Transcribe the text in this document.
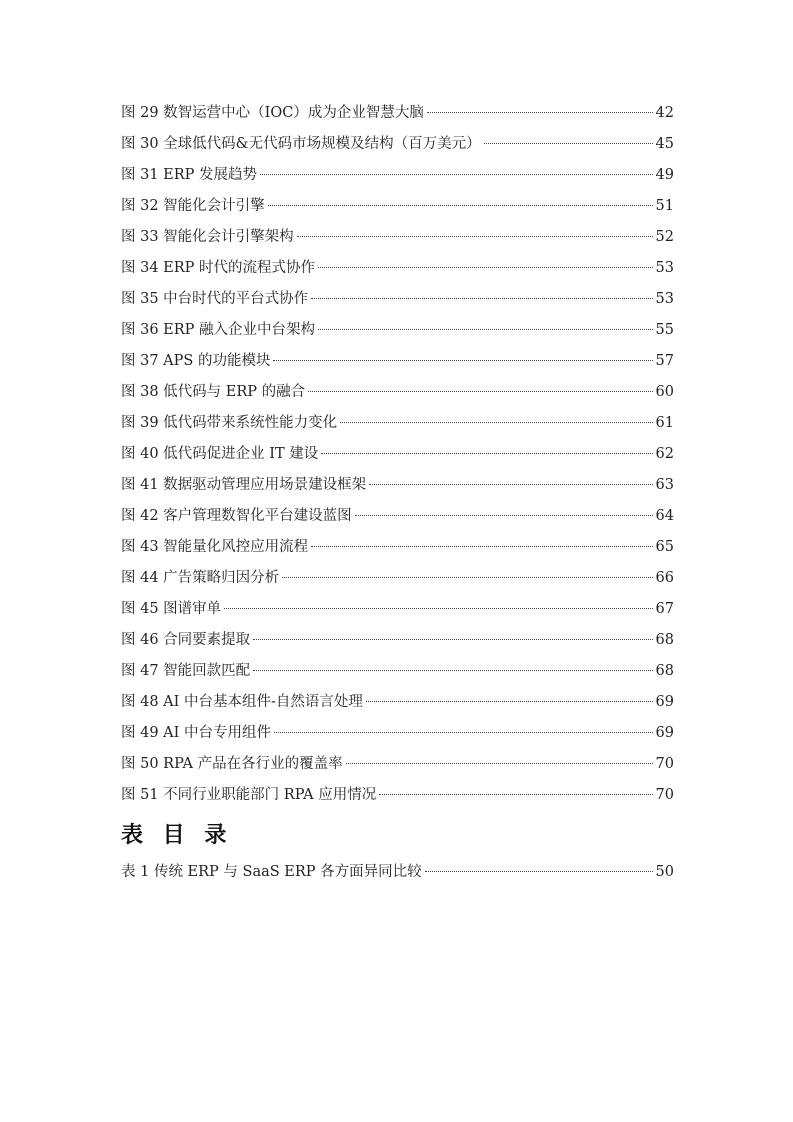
图 29 数智运营中心（IOC）成为企业智慧大脑	42
图 30 全球低代码&无代码市场规模及结构（百万美元）	45
图 31 ERP 发展趋势	49
图 32 智能化会计引擎	51
图 33 智能化会计引擎架构	52
图 34 ERP 时代的流程式协作	53
图 35 中台时代的平台式协作	53
图 36 ERP 融入企业中台架构	55
图 37 APS 的功能模块	57
图 38 低代码与 ERP 的融合	60
图 39 低代码带来系统性能力变化	61
图 40 低代码促进企业 IT 建设	62
图 41 数据驱动管理应用场景建设框架	63
图 42 客户管理数智化平台建设蓝图	64
图 43 智能量化风控应用流程	65
图 44 广告策略归因分析	66
图 45 图谱审单	67
图 46 合同要素提取	68
图 47 智能回款匹配	68
图 48 AI 中台基本组件-自然语言处理	69
图 49 AI 中台专用组件	69
图 50 RPA 产品在各行业的覆盖率	70
图 51 不同行业职能部门 RPA 应用情况	70
表 目 录
表 1 传统 ERP 与 SaaS ERP 各方面异同比较	50
